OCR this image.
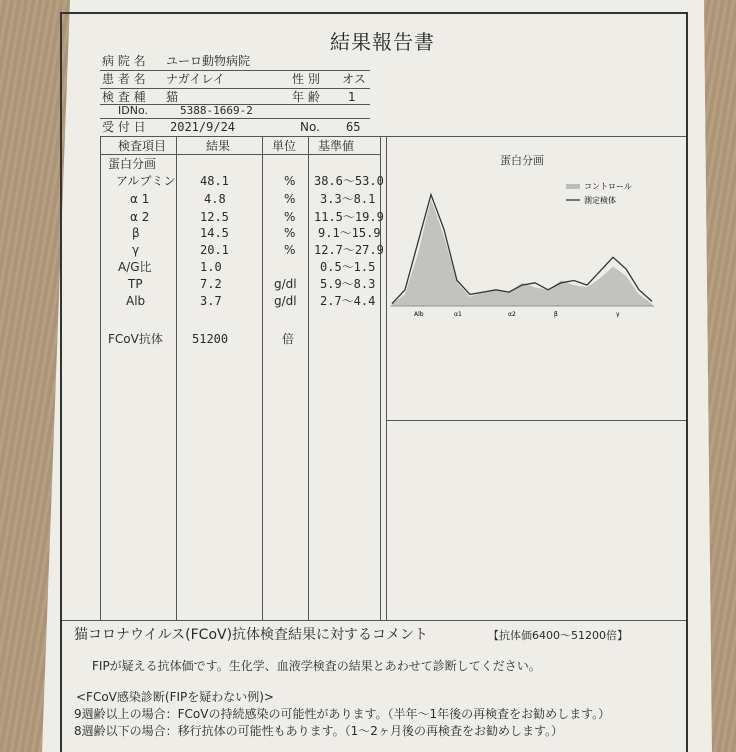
結果報告書
病 院 名 ユーロ動物病院
患 者 名 ナガイレイ	性 別 オス
検 査 種 猫	年 齢 1
IDNo.	5388-1669-2
受 付 日 2021/9/24	No. 65
検査項目	結果	単位 基準値
蛋白分画
アルブミン 48.1	% 38.6〜53.0
α 1	4.8	% 3.3〜8.1
α 2	12.5	% 11.5〜19.9
β	14.5	% 9.1〜15.9
γ	20.1	% 12.7〜27.9
A/G比	1.0	0.5〜1.5
TP	7.2	g/dl 5.9〜8.3
Alb	3.7	g/dl 2.7〜4.4
FCoV抗体 51200	倍
蛋白分画
コントロール
測定検体
Alb	α1	α2	β	γ
猫コロナウイルス(FCoV)抗体検査結果に対するコメント	【抗体価6400〜51200倍】
FIPが疑える抗体価です。生化学、血液学検査の結果とあわせて診断してください。
<FCoV感染診断(FIPを疑わない例)>
9週齢以上の場合：FCoVの持続感染の可能性があります。（半年〜1年後の再検査をお勧めします。）
8週齢以下の場合：移行抗体の可能性もあります。（1〜2ヶ月後の再検査をお勧めします。）
